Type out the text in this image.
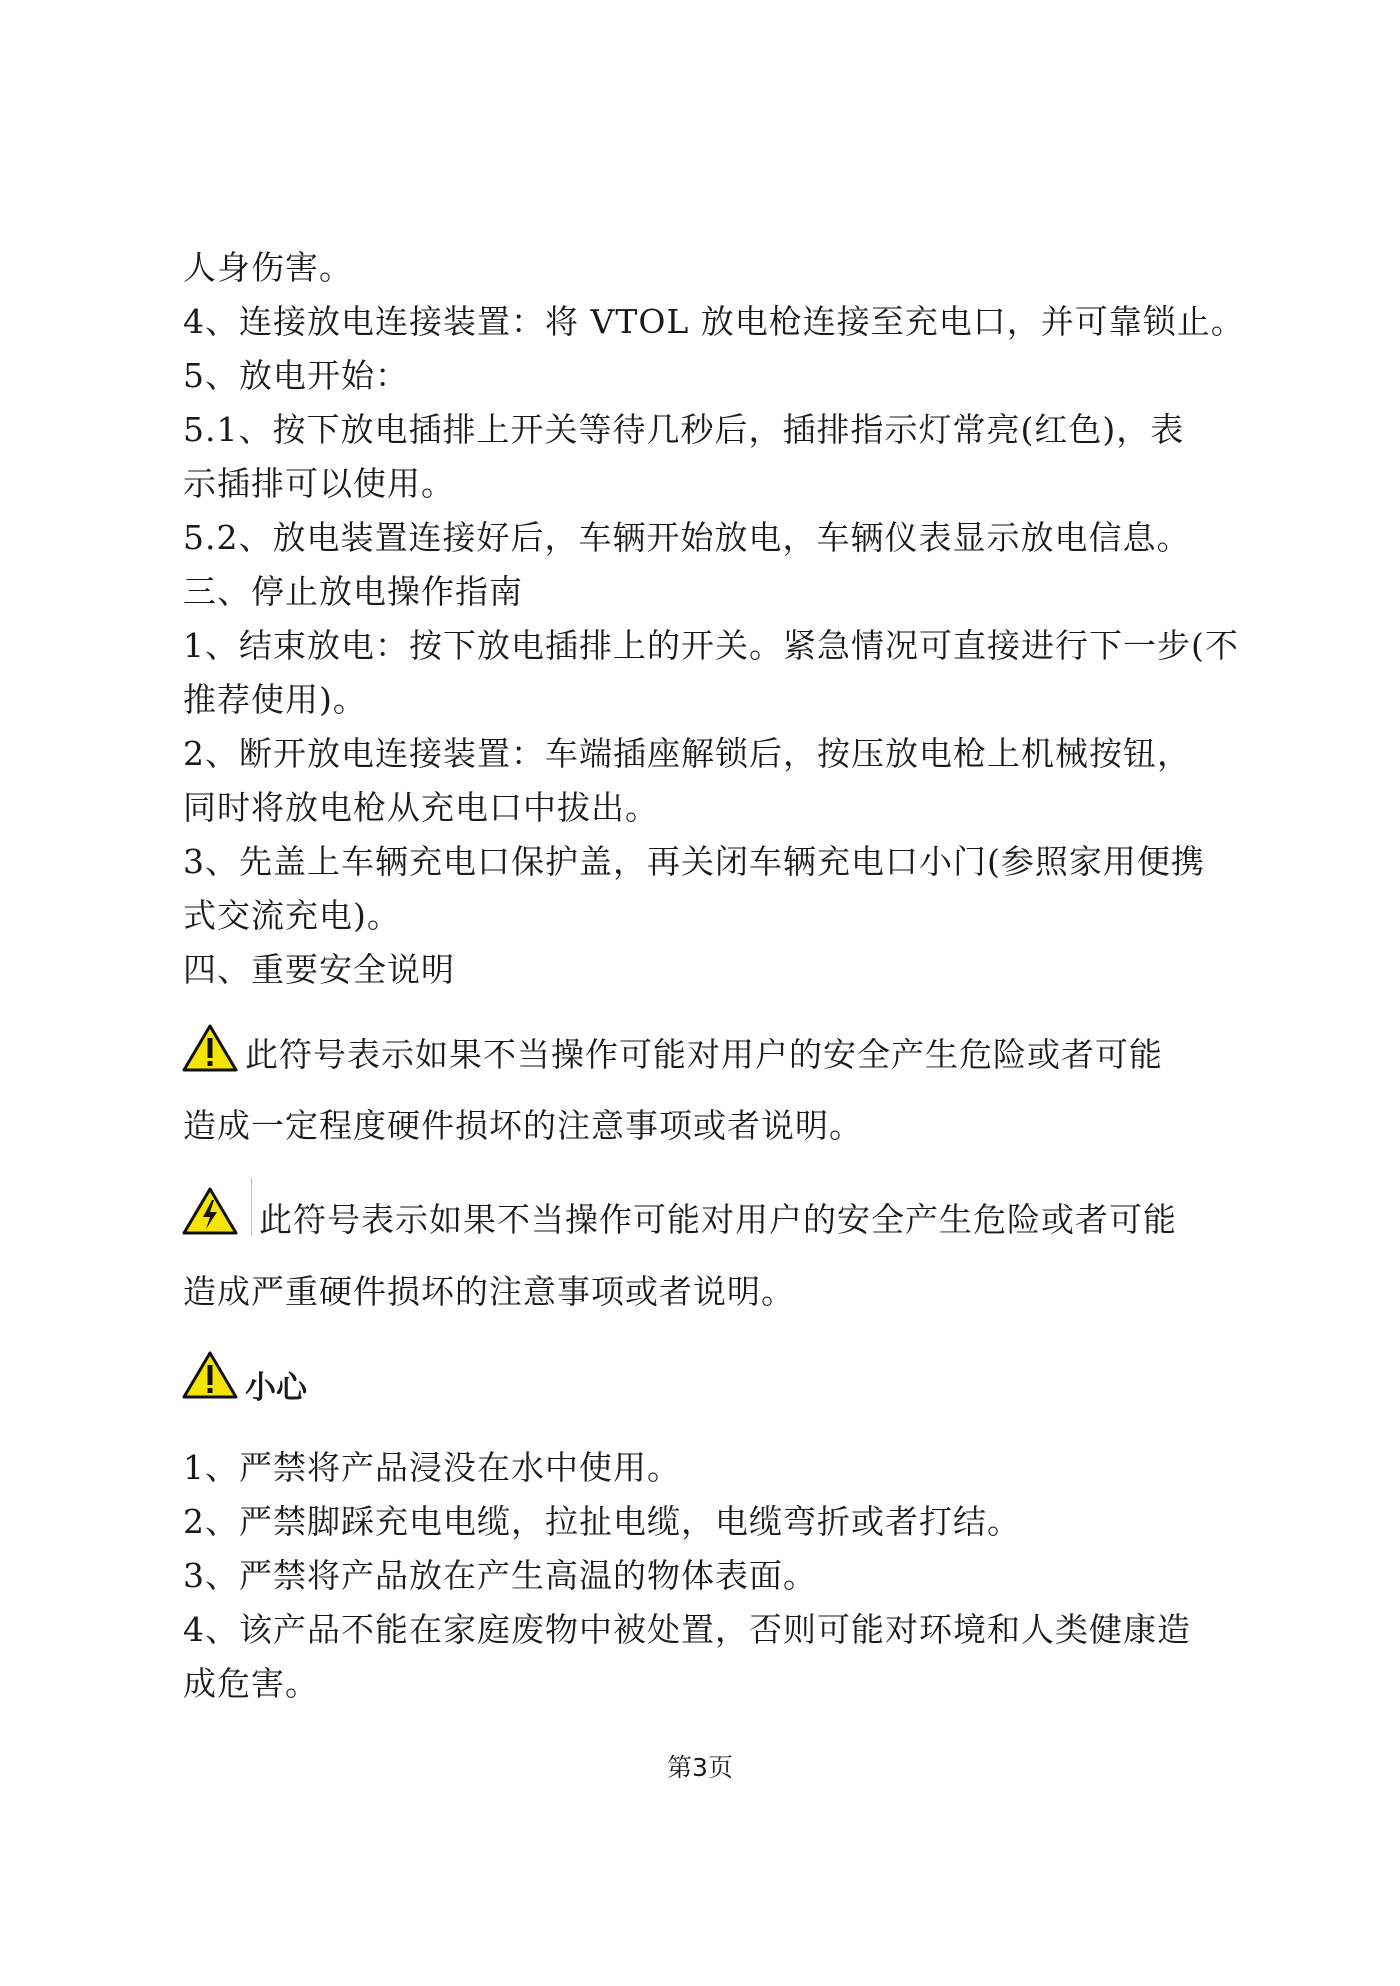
人身伤害。
4、连接放电连接装置：将 VTOL 放电枪连接至充电口，并可靠锁止。
5、放电开始：
5.1、按下放电插排上开关等待几秒后，插排指示灯常亮(红色)，表
示插排可以使用。
5.2、放电装置连接好后，车辆开始放电，车辆仪表显示放电信息。
三、停止放电操作指南
1、结束放电：按下放电插排上的开关。紧急情况可直接进行下一步(不
推荐使用)。
2、断开放电连接装置：车端插座解锁后，按压放电枪上机械按钮，
同时将放电枪从充电口中拔出。
3、先盖上车辆充电口保护盖，再关闭车辆充电口小门(参照家用便携
式交流充电)。
四、重要安全说明
此符号表示如果不当操作可能对用户的安全产生危险或者可能
造成一定程度硬件损坏的注意事项或者说明。
此符号表示如果不当操作可能对用户的安全产生危险或者可能
造成严重硬件损坏的注意事项或者说明。
小心
1、严禁将产品浸没在水中使用。
2、严禁脚踩充电电缆，拉扯电缆，电缆弯折或者打结。
3、严禁将产品放在产生高温的物体表面。
4、该产品不能在家庭废物中被处置，否则可能对环境和人类健康造
成危害。
第3页
